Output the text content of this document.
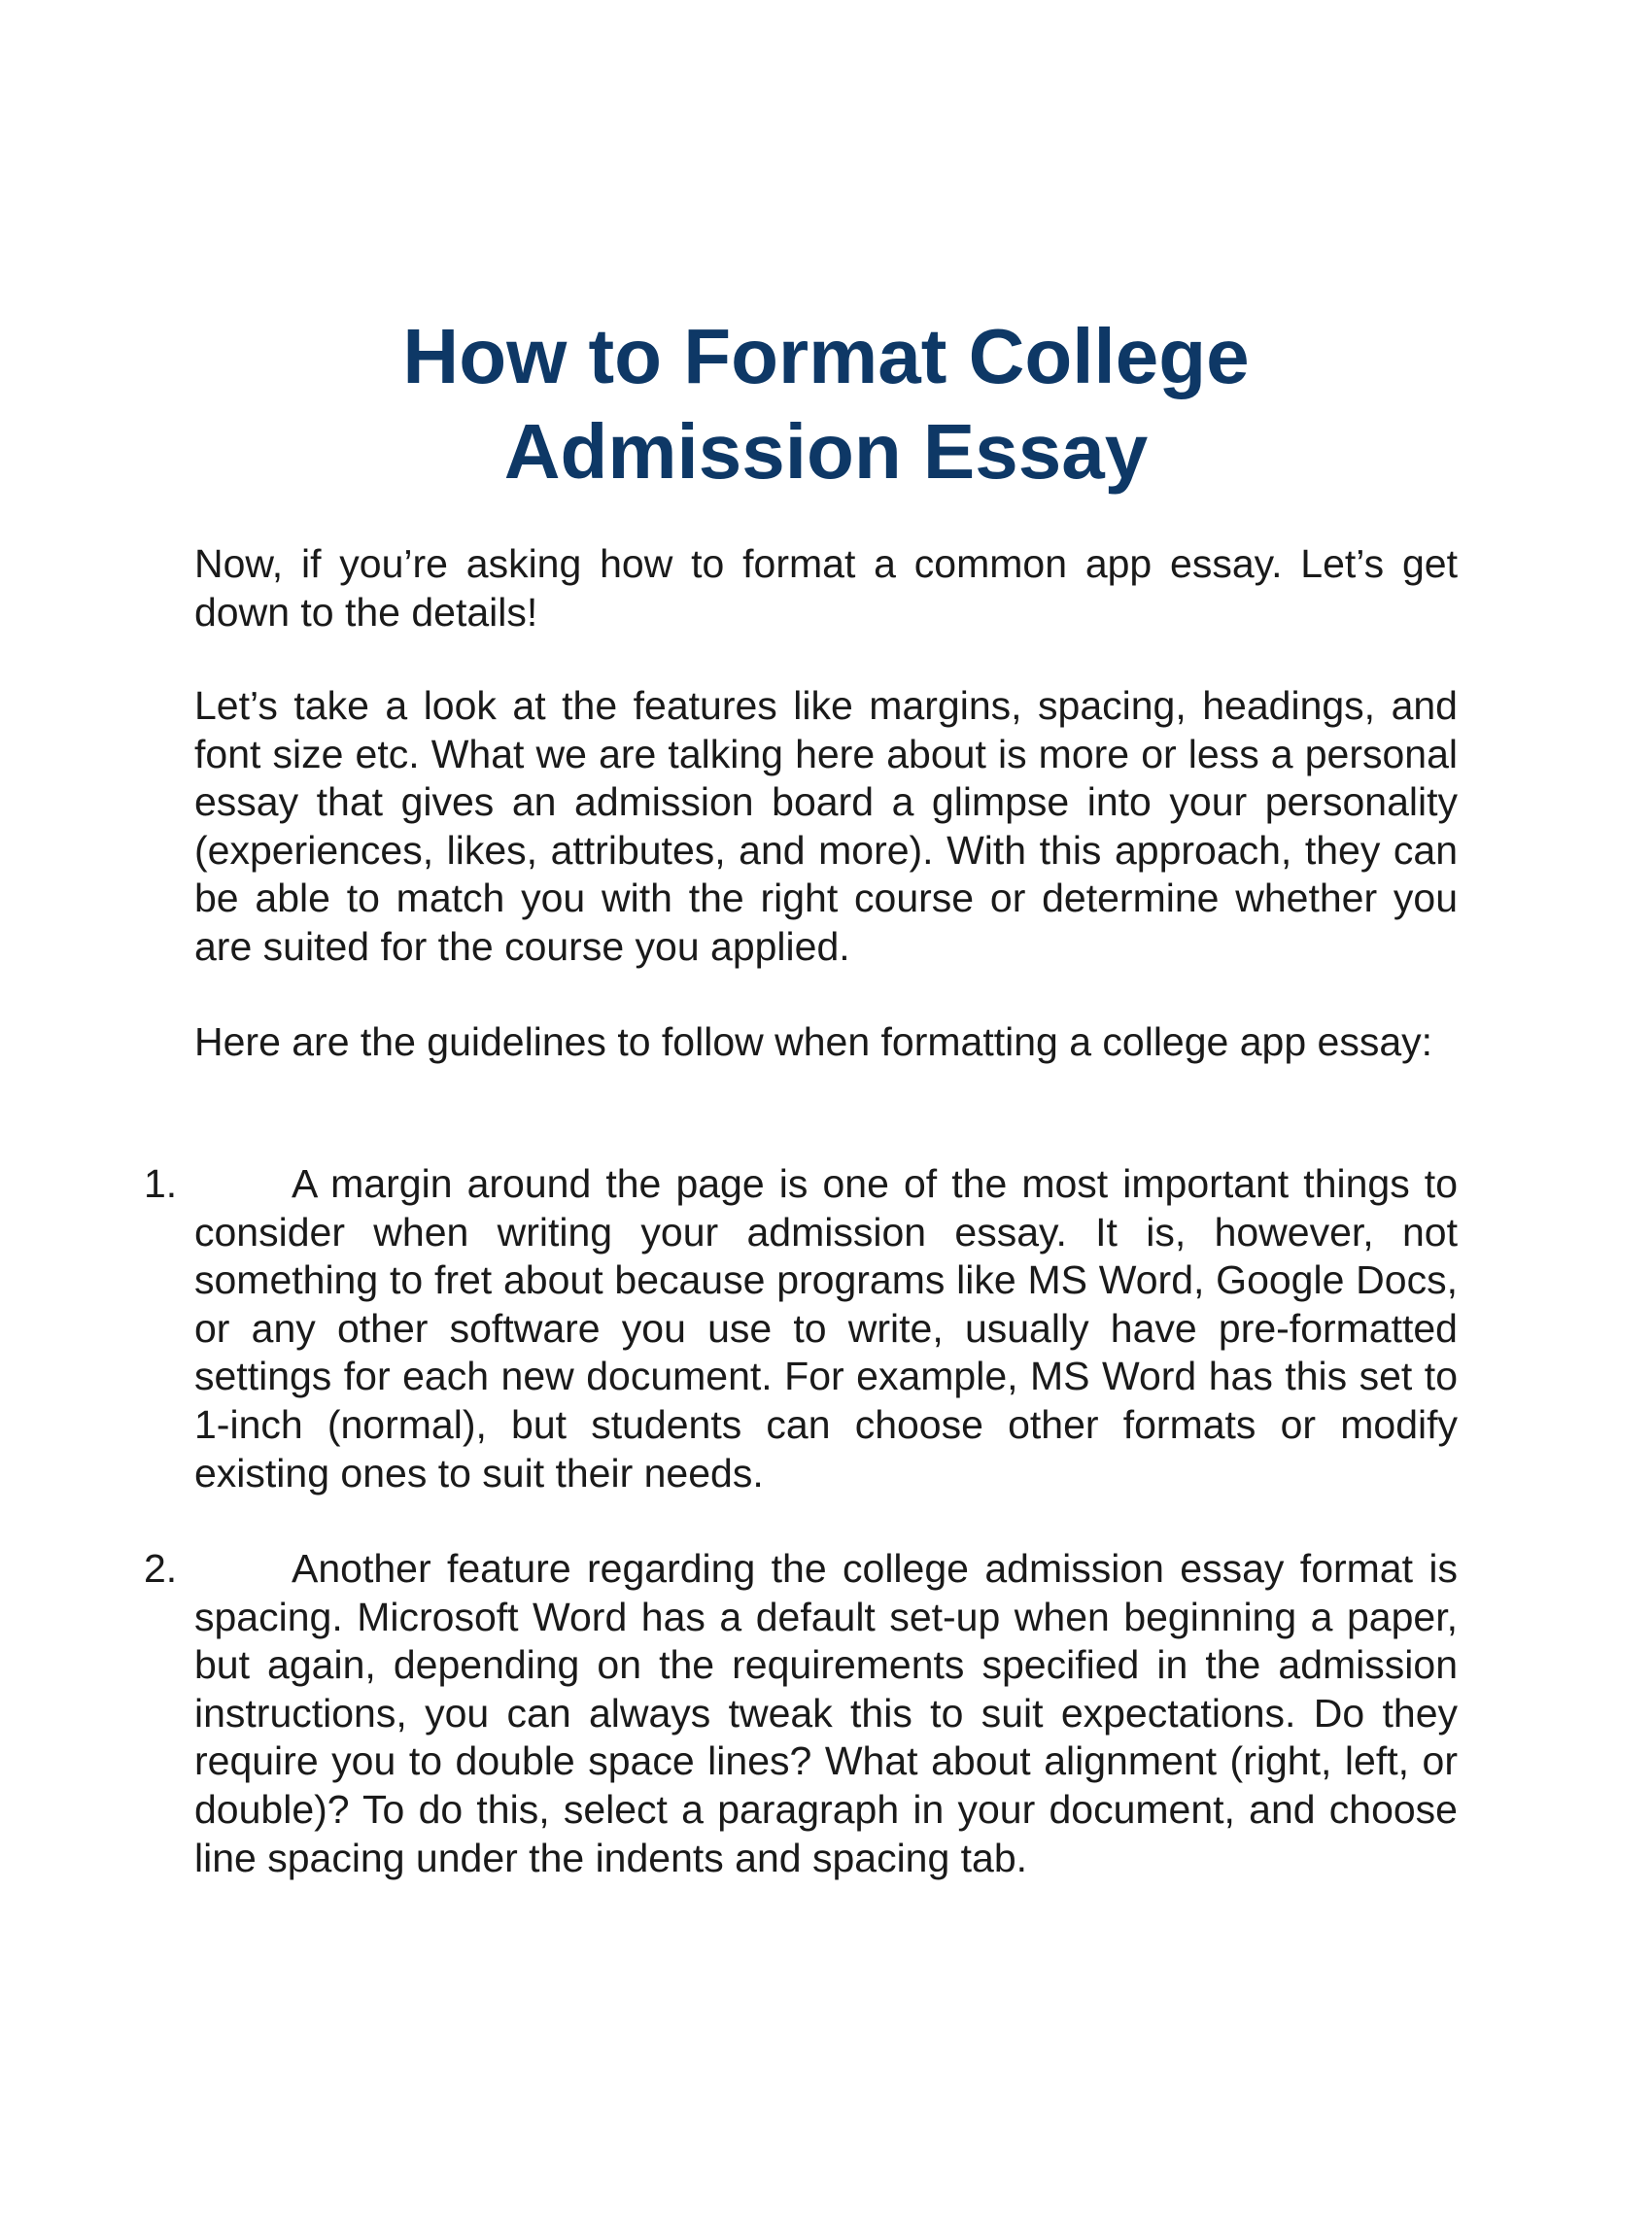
How to Format College
Admission Essay

Now, if you’re asking how to format a common app essay. Let’s get down to the details!

Let’s take a look at the features like margins, spacing, headings, and font size etc. What we are talking here about is more or less a personal essay that gives an admission board a glimpse into your personality (experiences, likes, attributes, and more). With this approach, they can be able to match you with the right course or determine whether you are suited for the course you applied.

Here are the guidelines to follow when formatting a college app essay:

1.	A margin around the page is one of the most important things to consider when writing your admission essay. It is, however, not something to fret about because programs like MS Word, Google Docs, or any other software you use to write, usually have pre-formatted settings for each new document. For example, MS Word has this set to 1-inch (normal), but students can choose other formats or modify existing ones to suit their needs.

2.	Another feature regarding the college admission essay format is spacing. Microsoft Word has a default set-up when beginning a paper, but again, depending on the requirements specified in the admission instructions, you can always tweak this to suit expectations. Do they require you to double space lines? What about alignment (right, left, or double)? To do this, select a paragraph in your document, and choose line spacing under the indents and spacing tab.
